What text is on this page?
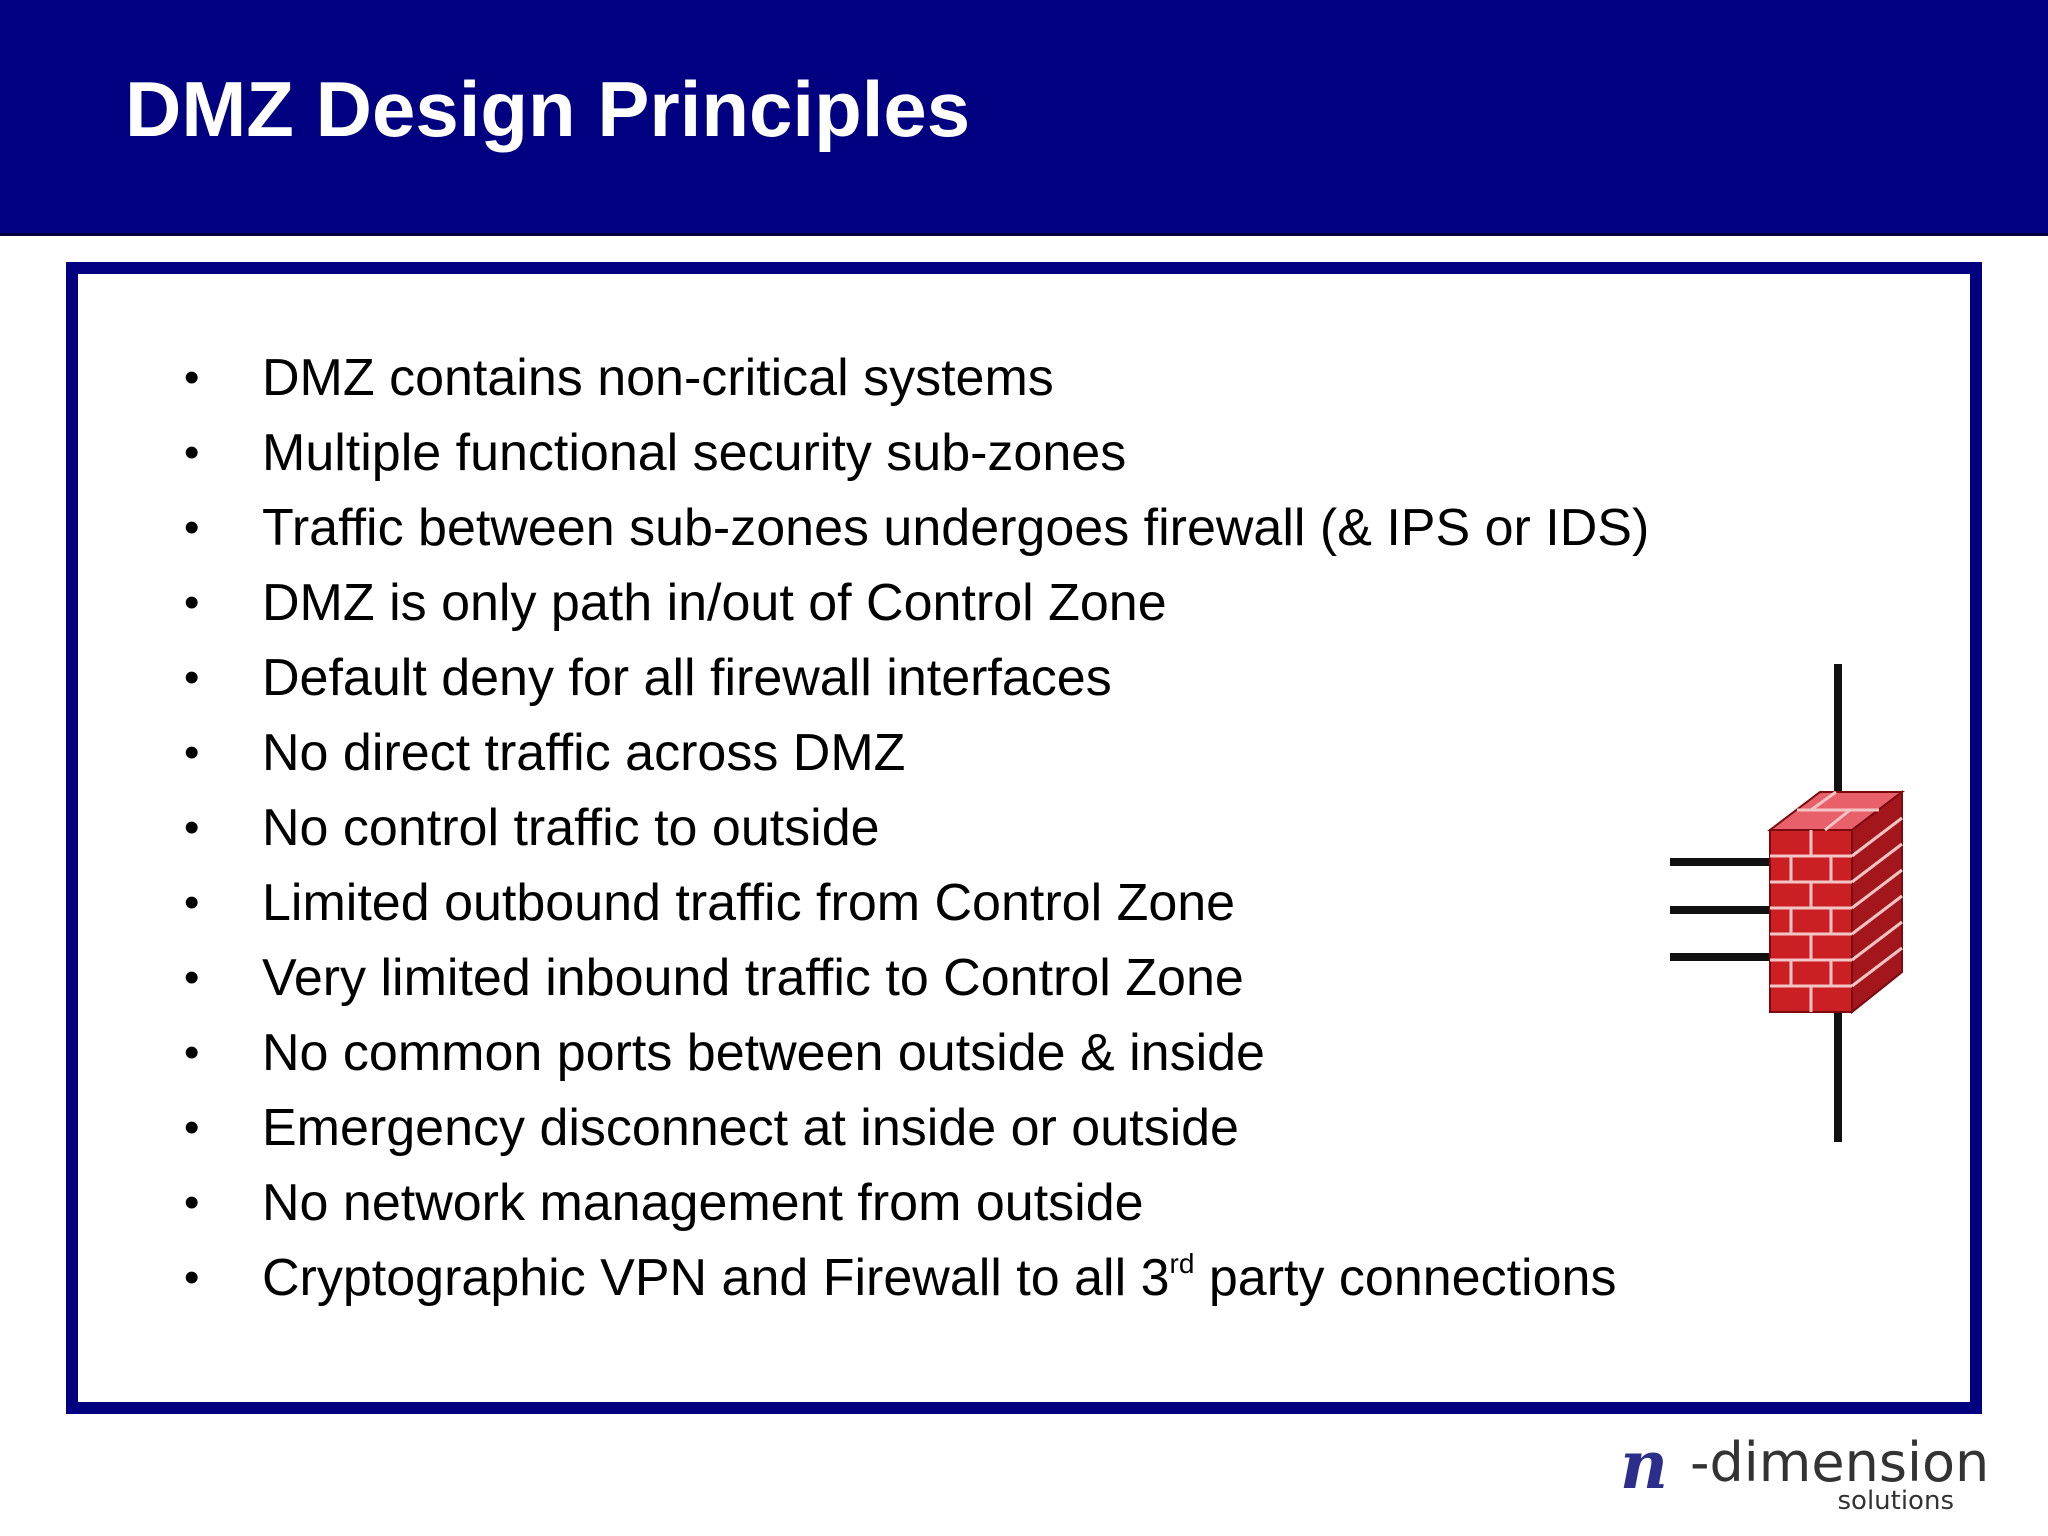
DMZ Design Principles
•	DMZ contains non-critical systems
•	Multiple functional security sub-zones
•	Traffic between sub-zones undergoes firewall (& IPS or IDS)
•	DMZ is only path in/out of Control Zone
•	Default deny for all firewall interfaces
•	No direct traffic across DMZ
•	No control traffic to outside
•	Limited outbound traffic from Control Zone
•	Very limited inbound traffic to Control Zone
•	No common ports between outside & inside
•	Emergency disconnect at inside or outside
•	No network management from outside
•	Cryptographic VPN and Firewall to all 3rd party connections
n -dimension
solutions
